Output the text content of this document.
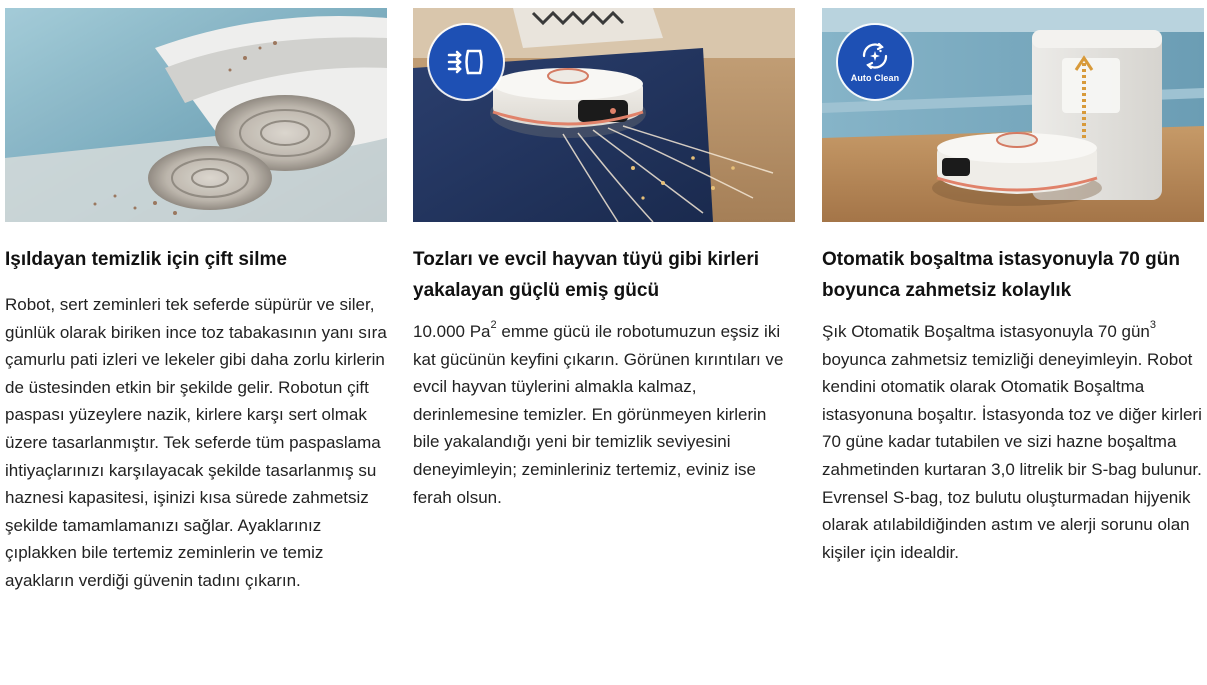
Işıldayan temizlik için çift silme
Robot, sert zeminleri tek seferde süpürür ve siler, günlük olarak biriken ince toz tabakasının yanı sıra çamurlu pati izleri ve lekeler gibi daha zorlu kirlerin de üstesinden etkin bir şekilde gelir. Robotun çift paspası yüzeylere nazik, kirlere karşı sert olmak üzere tasarlanmıştır. Tek seferde tüm paspaslama ihtiyaçlarınızı karşılayacak şekilde tasarlanmış su haznesi kapasitesi, işinizi kısa sürede zahmetsiz şekilde tamamlamanızı sağlar. Ayaklarınız çıplakken bile tertemiz zeminlerin ve temiz ayakların verdiği güvenin tadını çıkarın.
Tozları ve evcil hayvan tüyü gibi kirleri yakalayan güçlü emiş gücü
10.000 Pa$^2$ emme gücü ile robotumuzun eşsiz iki kat gücünün keyfini çıkarın. Görünen kırıntıları ve evcil hayvan tüylerini almakla kalmaz, derinlemesine temizler. En görünmeyen kirlerin bile yakalandığı yeni bir temizlik seviyesini deneyimleyin; zeminleriniz tertemiz, eviniz ise ferah olsun.
Auto Clean
Otomatik boşaltma istasyonuyla 70 gün boyunca zahmetsiz kolaylık
Şık Otomatik Boşaltma istasyonuyla 70 gün$^3$ boyunca zahmetsiz temizliği deneyimleyin. Robot kendini otomatik olarak Otomatik Boşaltma istasyonuna boşaltır. İstasyonda toz ve diğer kirleri 70 güne kadar tutabilen ve sizi hazne boşaltma zahmetinden kurtaran 3,0 litrelik bir S-bag bulunur. Evrensel S-bag, toz bulutu oluşturmadan hijyenik olarak atılabildiğinden astım ve alerji sorunu olan kişiler için idealdir.
